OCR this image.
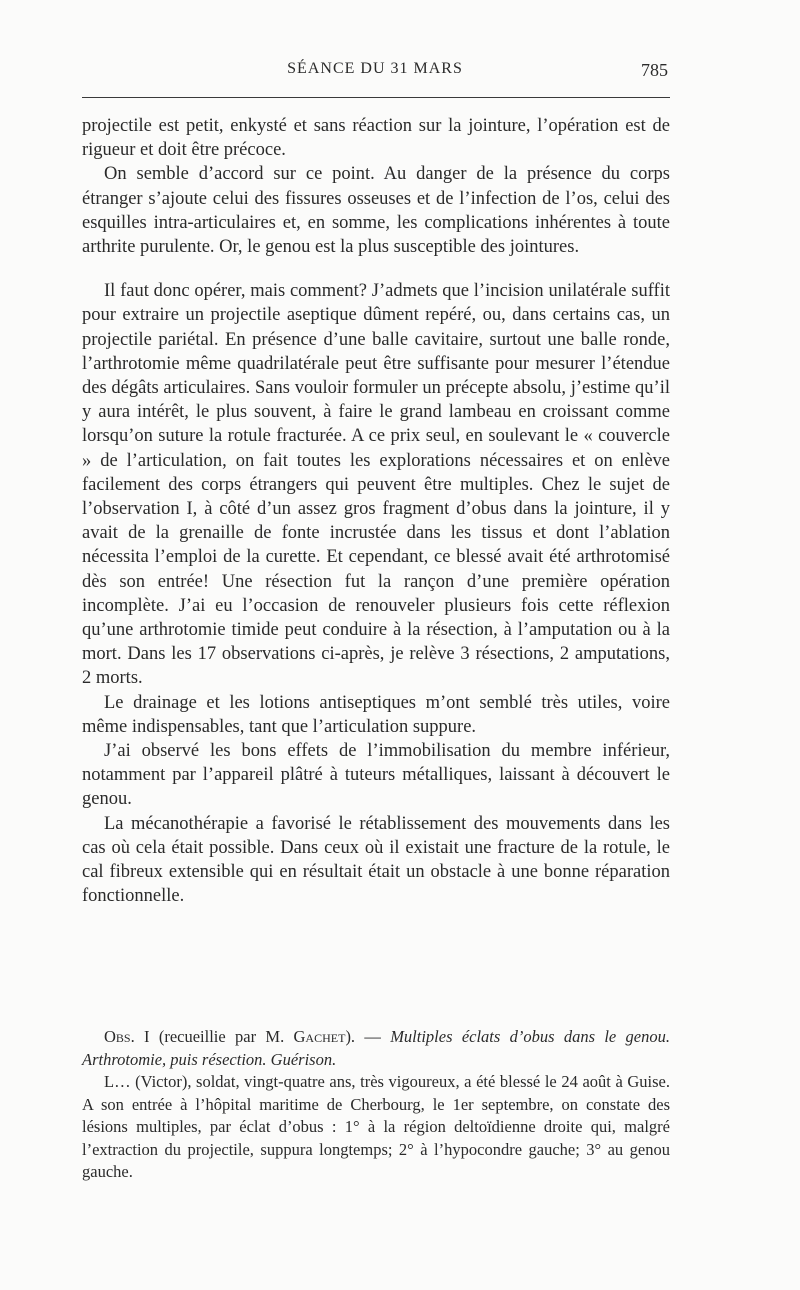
SÉANCE DU 31 MARS	785

projectile est petit, enkysté et sans réaction sur la jointure, l’opération est de rigueur et doit être précoce.

On semble d’accord sur ce point. Au danger de la présence du corps étranger s’ajoute celui des fissures osseuses et de l’infection de l’os, celui des esquilles intra-articulaires et, en somme, les complications inhérentes à toute arthrite purulente. Or, le genou est la plus susceptible des jointures.

Il faut donc opérer, mais comment? J’admets que l’incision unilatérale suffit pour extraire un projectile aseptique dûment repéré, ou, dans certains cas, un projectile pariétal. En présence d’une balle cavitaire, surtout une balle ronde, l’arthrotomie même quadrilatérale peut être suffisante pour mesurer l’étendue des dégâts articulaires. Sans vouloir formuler un précepte absolu, j’estime qu’il y aura intérêt, le plus souvent, à faire le grand lambeau en croissant comme lorsqu’on suture la rotule fracturée. A ce prix seul, en soulevant le « couvercle » de l’articulation, on fait toutes les explorations nécessaires et on enlève facilement des corps étrangers qui peuvent être multiples. Chez le sujet de l’observation I, à côté d’un assez gros fragment d’obus dans la jointure, il y avait de la grenaille de fonte incrustée dans les tissus et dont l’ablation nécessita l’emploi de la curette. Et cependant, ce blessé avait été arthrotomisé dès son entrée! Une résection fut la rançon d’une première opération incomplète. J’ai eu l’occasion de renouveler plusieurs fois cette réflexion qu’une arthrotomie timide peut conduire à la résection, à l’amputation ou à la mort. Dans les 17 observations ci-après, je relève 3 résections, 2 amputations, 2 morts.

Le drainage et les lotions antiseptiques m’ont semblé très utiles, voire même indispensables, tant que l’articulation suppure.

J’ai observé les bons effets de l’immobilisation du membre inférieur, notamment par l’appareil plâtré à tuteurs métalliques, laissant à découvert le genou.

La mécanothérapie a favorisé le rétablissement des mouvements dans les cas où cela était possible. Dans ceux où il existait une fracture de la rotule, le cal fibreux extensible qui en résultait était un obstacle à une bonne réparation fonctionnelle.

Obs. I (recueillie par M. Gachet). — Multiples éclats d’obus dans le genou. Arthrotomie, puis résection. Guérison.

L… (Victor), soldat, vingt-quatre ans, très vigoureux, a été blessé le 24 août à Guise. A son entrée à l’hôpital maritime de Cherbourg, le 1er septembre, on constate des lésions multiples, par éclat d’obus : 1° à la région deltoïdienne droite qui, malgré l’extraction du projectile, suppura longtemps; 2° à l’hypocondre gauche; 3° au genou gauche.
